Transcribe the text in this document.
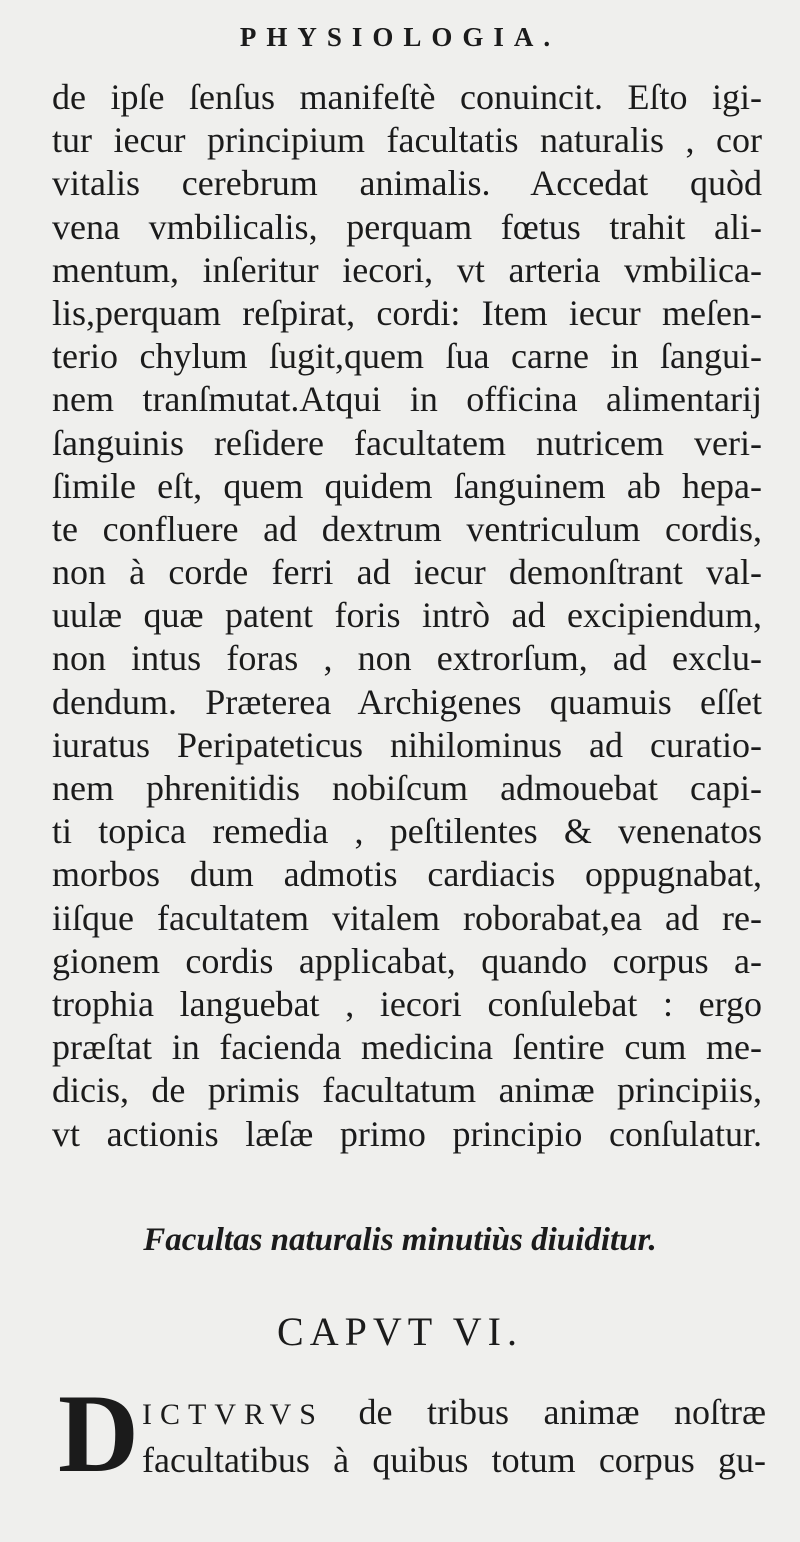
PHYSIOLOGIA.
de ipſe ſenſus manifeſtè conuincit. Eſto igi-
tur iecur principium facultatis naturalis , cor
vitalis cerebrum animalis. Accedat quòd
vena vmbilicalis, perquam fœtus trahit ali-
mentum, inſeritur iecori, vt arteria vmbilica-
lis,perquam reſpirat, cordi: Item iecur meſen-
terio chylum ſugit,quem ſua carne in ſangui-
nem tranſmutat.Atqui in officina alimentarij
ſanguinis reſidere facultatem nutricem veri-
ſimile eſt, quem quidem ſanguinem ab hepa-
te confluere ad dextrum ventriculum cordis,
non à corde ferri ad iecur demonſtrant val-
uulæ quæ patent foris intrò ad excipiendum,
non intus foras , non extrorſum, ad exclu-
dendum. Præterea Archigenes quamuis eſſet
iuratus Peripateticus nihilominus ad curatio-
nem phrenitidis nobiſcum admouebat capi-
ti topica remedia , peſtilentes & venenatos
morbos dum admotis cardiacis oppugnabat,
iiſque facultatem vitalem roborabat,ea ad re-
gionem cordis applicabat, quando corpus a-
trophia languebat , iecori conſulebat : ergo
præſtat in facienda medicina ſentire cum me-
dicis, de primis facultatum animæ principiis,
vt actionis læſæ primo principio conſulatur.
Facultas naturalis minutiùs diuiditur.
CAPVT VI.
D ICTVRVS de tribus animæ noſtræ
facultatibus à quibus totum corpus gu-
